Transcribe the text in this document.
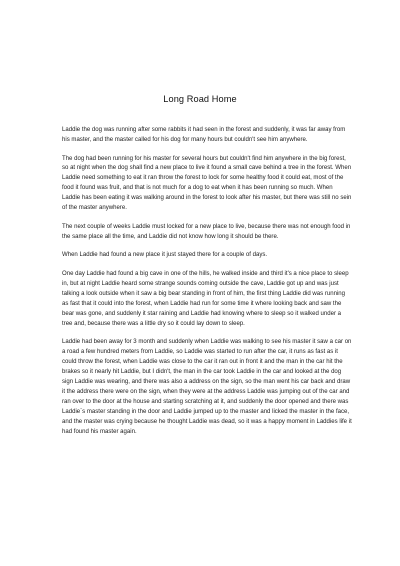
Long Road Home

Laddie the dog was running after some rabbits it had seen in the forest and suddenly, it was far away from his master, and the master called for his dog for many hours but couldn't see him anywhere.

The dog had been running for his master for several hours but couldn't find him anywhere in the big forest, so at night when the dog shall find a new place to live it found a small cave behind a tree in the forest. When Laddie need something to eat it ran throw the forest to lock for some healthy food it could eat, most of the food it found was fruit, and that is not much for a dog to eat when it has been running so much. When Laddie has been eating it was walking around in the forest to look after his master, but there was still no sein of the master anywhere.

The next couple of weeks Laddie must locked for a new place to live, because there was not enough food in the same place all the time, and Laddie did not know how long it should be there.

When Laddie had found a new place it just stayed there for a couple of days.

One day Laddie had found a big cave in one of the hills, he walked inside and third it's a nice place to sleep in, but at night Laddie heard some strange sounds coming outside the cave, Laddie got up and was just talking a look outside when it saw a big bear standing in front of him, the first thing Laddie did was running as fast that it could into the forest, when Laddie had run for some time it where looking back and saw the bear was gone, and suddenly it star raining and Laddie had knowing where to sleep so it walked under a tree and, because there was a little dry so it could lay down to sleep.

Laddie had been away for 3 month and suddenly when Laddie was walking to see his master it saw a car on a road a few hundred meters from Laddie, so Laddie was started to run after the car, it runs as fast as it could throw the forest, when Laddie was close to the car it ran out in front it and the man in the car hit the brakes so it nearly hit Laddie, but I didn't, the man in the car took Laddie in the car and looked at the dog sign Laddie was wearing, and there was also a address on the sign, so the man went his car back and draw it the address there were on the sign, when they were at the address Laddie was jumping out of the car and ran over to the door at the house and starting scratching at it, and suddenly the door opened and there was Laddie`s master standing in the door and Laddie jumped up to the master and licked the master in the face, and the master was crying because he thought Laddie was dead, so it was a happy moment in Laddies life it had found his master again.
